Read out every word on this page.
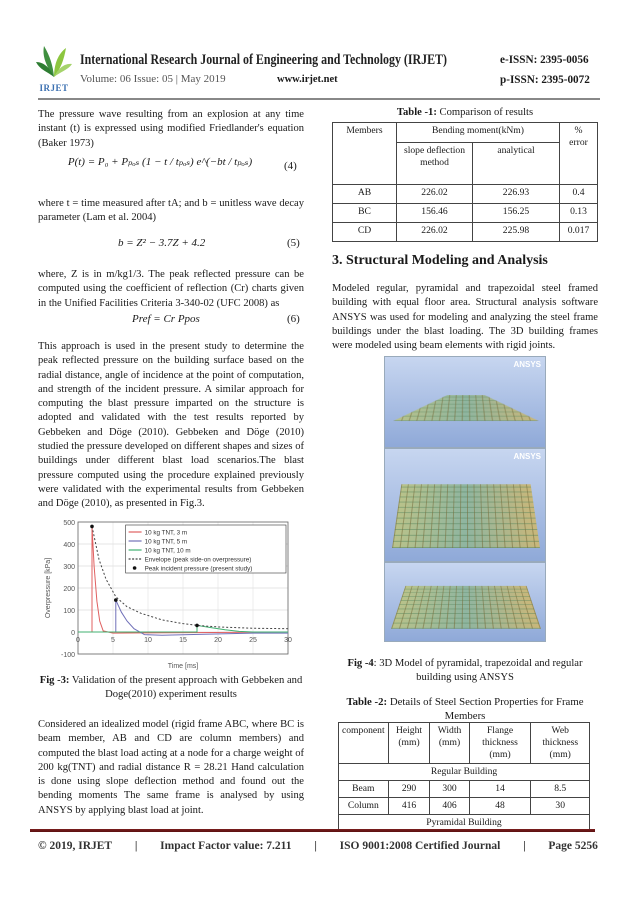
IRJET
International Research Journal of Engineering and Technology (IRJET)	e-ISSN: 2395-0056
Volume: 06 Issue: 05 | May 2019	www.irjet.net	p-ISSN: 2395-0072
The pressure wave resulting from an explosion at any time instant (t) is expressed using modified Friedlander's equation (Baker 1973)
P(t) = P₀ + Pₚₒₛ (1 − t / tₚₒₛ) e^(−bt / tₚₒₛ)	(4)
where t = time measured after tA; and b = unitless wave decay parameter (Lam et al. 2004)
b = Z² − 3.7Z + 4.2	(5)
where, Z is in m/kg1/3. The peak reflected pressure can be computed using the coefficient of reflection (Cr) charts given in the Unified Facilities Criteria 3-340-02 (UFC 2008) as
Pref = Cr Ppos	(6)
This approach is used in the present study to determine the peak reflected pressure on the building surface based on the radial distance, angle of incidence at the point of computation, and strength of the incident pressure. A similar approach for computing the blast pressure imparted on the structure is adopted and validated with the test results reported by Gebbeken and Döge (2010). Gebbeken and Döge (2010) studied the pressure developed on different shapes and sizes of buildings under different blast load scenarios.The blast pressure computed using the procedure explained previously were validated with the experimental results from Gebbeken and Döge (2010), as presented in Fig.3.
500
400
300
200
100
0
-100
0	5	10	15	20	25	30
Time [ms]
Overpressure [kPa]
10 kg TNT, 3 m
10 kg TNT, 5 m
10 kg TNT, 10 m
Envelope (peak side-on overpressure)
Peak incident pressure (present study)
Fig -3: Validation of the present approach with Gebbeken and Doge(2010) experiment results
Considered an idealized model (rigid frame ABC, where BC is beam member, AB and CD are column members) and computed the blast load acting at a node for a charge weight of 200 kg(TNT) and radial distance R = 28.21 Hand calculation is done using slope deflection method and found out the bending moments The same frame is analysed by using ANSYS by applying blast load at joint.
Table -1: Comparison of results
Members	Bending moment(kNm)		% error
	slope deflection method	analytical	
AB	226.02	226.93	0.4
BC	156.46	156.25	0.13
CD	226.02	225.98	0.017
3. Structural Modeling and Analysis
Modeled regular, pyramidal and trapezoidal steel framed building with equal floor area. Structural analysis software ANSYS was used for modeling and analyzing the steel frame buildings under the blast loading. The 3D building frames were modeled using beam elements with rigid joints.
ANSYS
ANSYS
Fig -4: 3D Model of pyramidal, trapezoidal and regular building using ANSYS
Table -2: Details of Steel Section Properties for Frame Members
component	Height (mm)	Width (mm)	Flange thickness (mm)	Web thickness (mm)
Regular Building				
Beam	290	300	14	8.5
Column	416	406	48	30
Pyramidal Building				
© 2019, IRJET | Impact Factor value: 7.211 | ISO 9001:2008 Certified Journal | Page 5256
